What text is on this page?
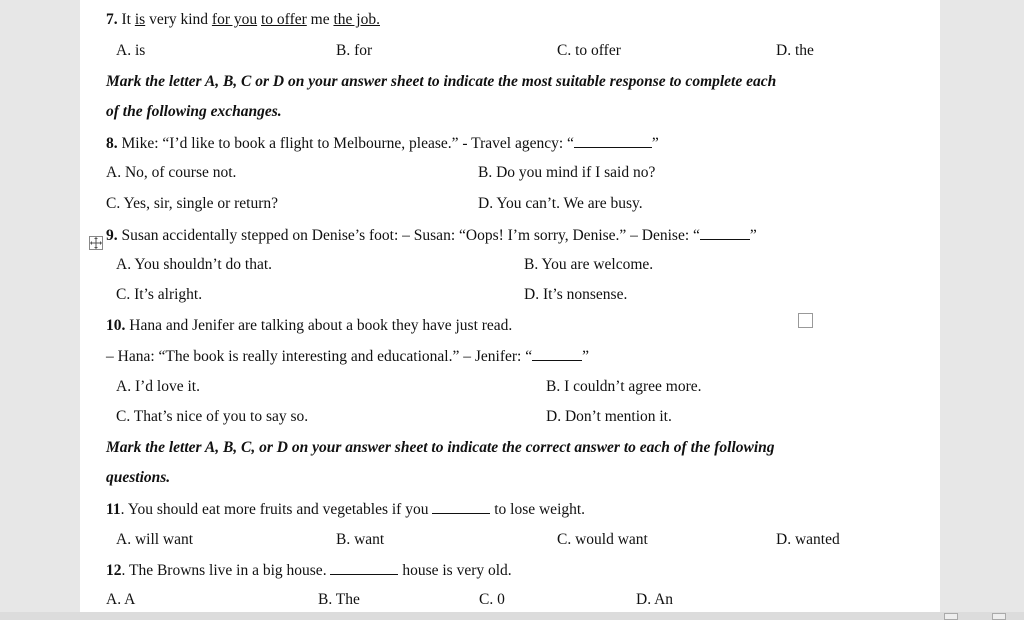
7. It is very kind for you to offer me the job.
A. is	B. for	C. to offer	D. the
Mark the letter A, B, C or D on your answer sheet to indicate the most suitable response to complete each
of the following exchanges.
8. Mike: “I’d like to book a flight to Melbourne, please.” - Travel agency: “	”
A. No, of course not.	B. Do you mind if I said no?
C. Yes, sir, single or return?	D. You can’t. We are busy.
9. Susan accidentally stepped on Denise’s foot: – Susan: “Oops! I’m sorry, Denise.” – Denise: “	”
A. You shouldn’t do that.	B. You are welcome.
C. It’s alright.	D. It’s nonsense.
10. Hana and Jenifer are talking about a book they have just read.
– Hana: “The book is really interesting and educational.” – Jenifer: “	”
A. I’d love it.	B. I couldn’t agree more.
C. That’s nice of you to say so.	D. Don’t mention it.
Mark the letter A, B, C, or D on your answer sheet to indicate the correct answer to each of the following
questions.
11. You should eat more fruits and vegetables if you	to lose weight.
A. will want	B. want	C. would want	D. wanted
12. The Browns live in a big house.	house is very old.
A. A	B. The	C. 0	D. An
